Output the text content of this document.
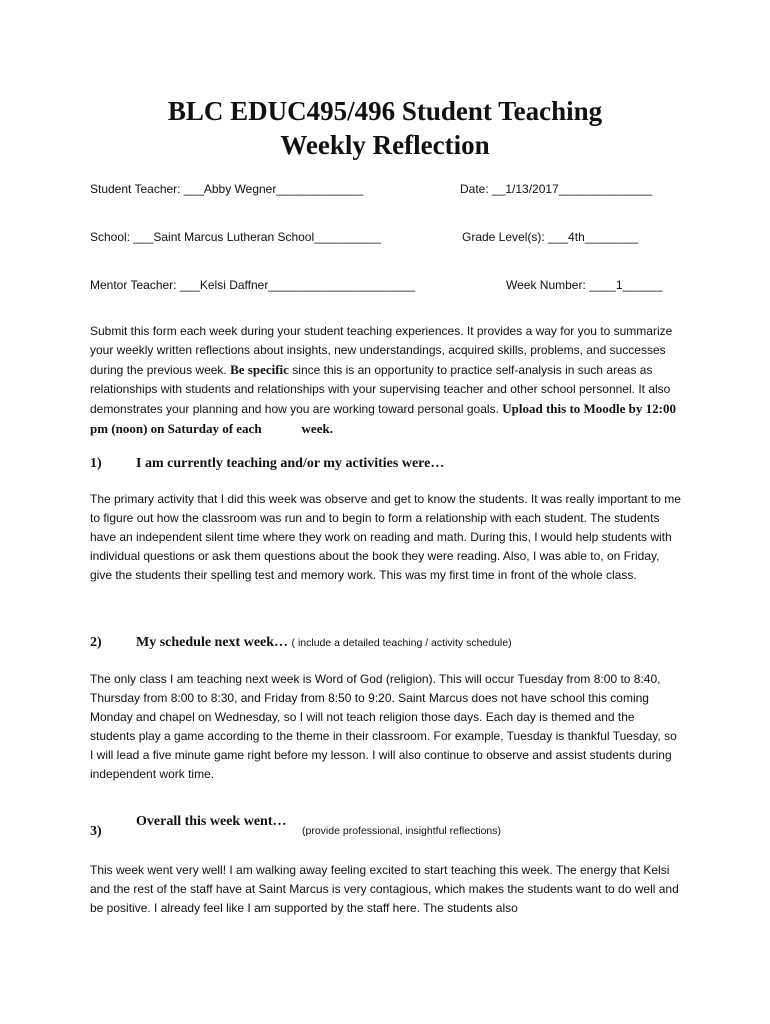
BLC EDUC495/496 Student Teaching
Weekly Reflection
Student Teacher: ___Abby Wegner_____________	Date: __1/13/2017______________
School: ___Saint Marcus Lutheran School__________	Grade Level(s): ___4th________
Mentor Teacher: ___Kelsi Daffner______________________	Week Number: ____1______
Submit this form each week during your student teaching experiences. It provides a way for you to summarize your weekly written reflections about insights, new understandings, acquired skills, problems, and successes during the previous week. Be specific since this is an opportunity to practice self-analysis in such areas as relationships with students and relationships with your supervising teacher and other school personnel. It also demonstrates your planning and how you are working toward personal goals. Upload this to Moodle by 12:00 pm (noon) on Saturday of each	week.
1) I am currently teaching and/or my activities were…
The primary activity that I did this week was observe and get to know the students. It was really important to me to figure out how the classroom was run and to begin to form a relationship with each student. The students have an independent silent time where they work on reading and math. During this, I would help students with individual questions or ask them questions about the book they were reading. Also, I was able to, on Friday, give the students their spelling test and memory work. This was my first time in front of the whole class.
2) My schedule next week… ( include a detailed teaching / activity schedule)
The only class I am teaching next week is Word of God (religion). This will occur Tuesday from 8:00 to 8:40, Thursday from 8:00 to 8:30, and Friday from 8:50 to 9:20. Saint Marcus does not have school this coming Monday and chapel on Wednesday, so I will not teach religion those days. Each day is themed and the students play a game according to the theme in their classroom. For example, Tuesday is thankful Tuesday, so I will lead a five minute game right before my lesson. I will also continue to observe and assist students during independent work time.
3)
Overall this week went…
(provide professional, insightful reflections)
This week went very well! I am walking away feeling excited to start teaching this week. The energy that Kelsi and the rest of the staff have at Saint Marcus is very contagious, which makes the students want to do well and be positive. I already feel like I am supported by the staff here. The students also
